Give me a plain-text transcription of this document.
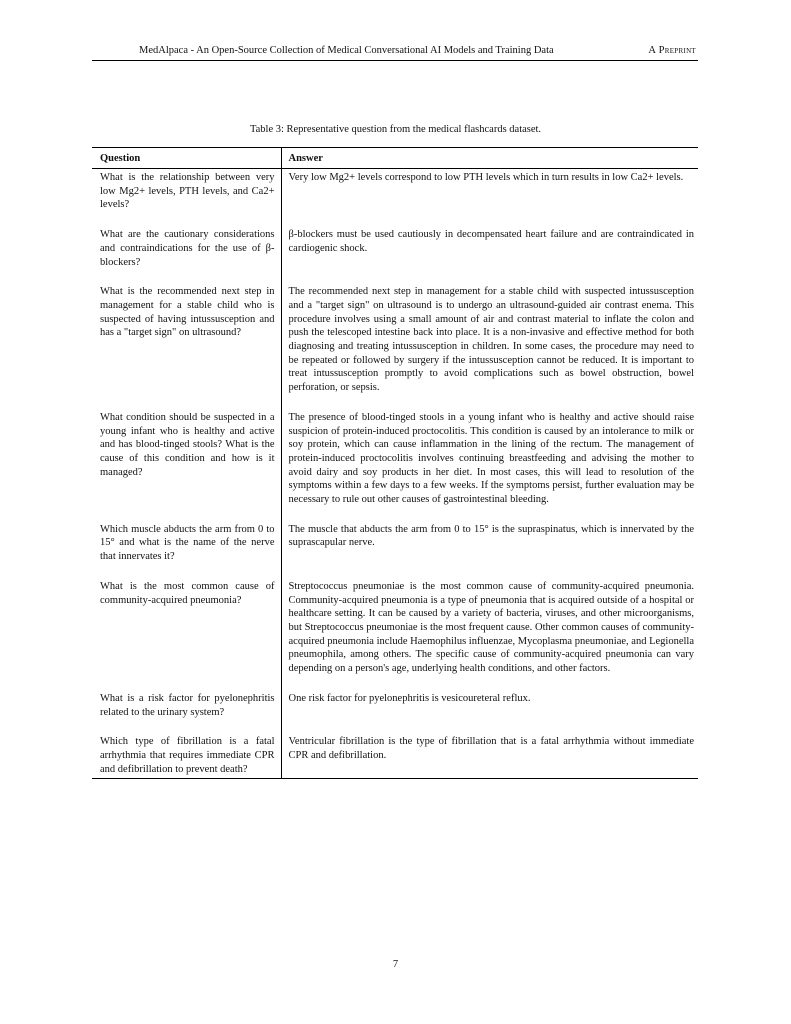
MedAlpaca - An Open-Source Collection of Medical Conversational AI Models and Training Data	A Preprint
Table 3: Representative question from the medical flashcards dataset.
Question	Answer
What is the relationship between very low Mg2+ levels, PTH levels, and Ca2+ levels?	Very low Mg2+ levels correspond to low PTH levels which in turn results in low Ca2+ levels.
What are the cautionary considerations and contraindications for the use of β-blockers?	β-blockers must be used cautiously in decompensated heart failure and are contraindicated in cardiogenic shock.
What is the recommended next step in management for a stable child who is suspected of having intussusception and has a "target sign" on ultrasound?	The recommended next step in management for a stable child with suspected intussusception and a "target sign" on ultrasound is to undergo an ultrasound-guided air contrast enema. This procedure involves using a small amount of air and contrast material to inflate the colon and push the telescoped intestine back into place. It is a non-invasive and effective method for both diagnosing and treating intussusception in children. In some cases, the procedure may need to be repeated or followed by surgery if the intussusception cannot be reduced. It is important to treat intussusception promptly to avoid complications such as bowel obstruction, bowel perforation, or sepsis.
What condition should be suspected in a young infant who is healthy and active and has blood-tinged stools? What is the cause of this condition and how is it managed?	The presence of blood-tinged stools in a young infant who is healthy and active should raise suspicion of protein-induced proctocolitis. This condition is caused by an intolerance to milk or soy protein, which can cause inflammation in the lining of the rectum. The management of protein-induced proctocolitis involves continuing breastfeeding and advising the mother to avoid dairy and soy products in her diet. In most cases, this will lead to resolution of the symptoms within a few days to a few weeks. If the symptoms persist, further evaluation may be necessary to rule out other causes of gastrointestinal bleeding.
Which muscle abducts the arm from 0 to 15° and what is the name of the nerve that innervates it?	The muscle that abducts the arm from 0 to 15° is the supraspinatus, which is innervated by the suprascapular nerve.
What is the most common cause of community-acquired pneumonia?	Streptococcus pneumoniae is the most common cause of community-acquired pneumonia. Community-acquired pneumonia is a type of pneumonia that is acquired outside of a hospital or healthcare setting. It can be caused by a variety of bacteria, viruses, and other microorganisms, but Streptococcus pneumoniae is the most frequent cause. Other common causes of community-acquired pneumonia include Haemophilus influenzae, Mycoplasma pneumoniae, and Legionella pneumophila, among others. The specific cause of community-acquired pneumonia can vary depending on a person's age, underlying health conditions, and other factors.
What is a risk factor for pyelonephritis related to the urinary system?	One risk factor for pyelonephritis is vesicoureteral reflux.
Which type of fibrillation is a fatal arrhythmia that requires immediate CPR and defibrillation to prevent death?	Ventricular fibrillation is the type of fibrillation that is a fatal arrhythmia without immediate CPR and defibrillation.
7
